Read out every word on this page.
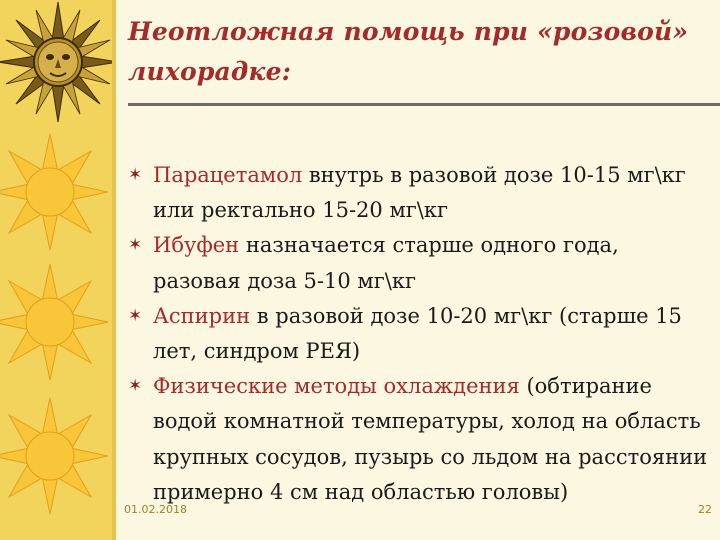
Неотложная помощь при «розовой»
лихорадке:

✶ Парацетамол внутрь в разовой дозе 10-15 мг\кг или ректально 15-20 мг\кг

✶ Ибуфен назначается старше одного года, разовая доза 5-10 мг\кг

✶ Аспирин в разовой дозе 10-20 мг\кг (старше 15 лет, синдром РЕЯ)

✶ Физические методы охлаждения (обтирание водой комнатной температуры, холод на область крупных сосудов, пузырь со льдом на расстоянии примерно 4 см над областью головы)

01.02.2018	22
